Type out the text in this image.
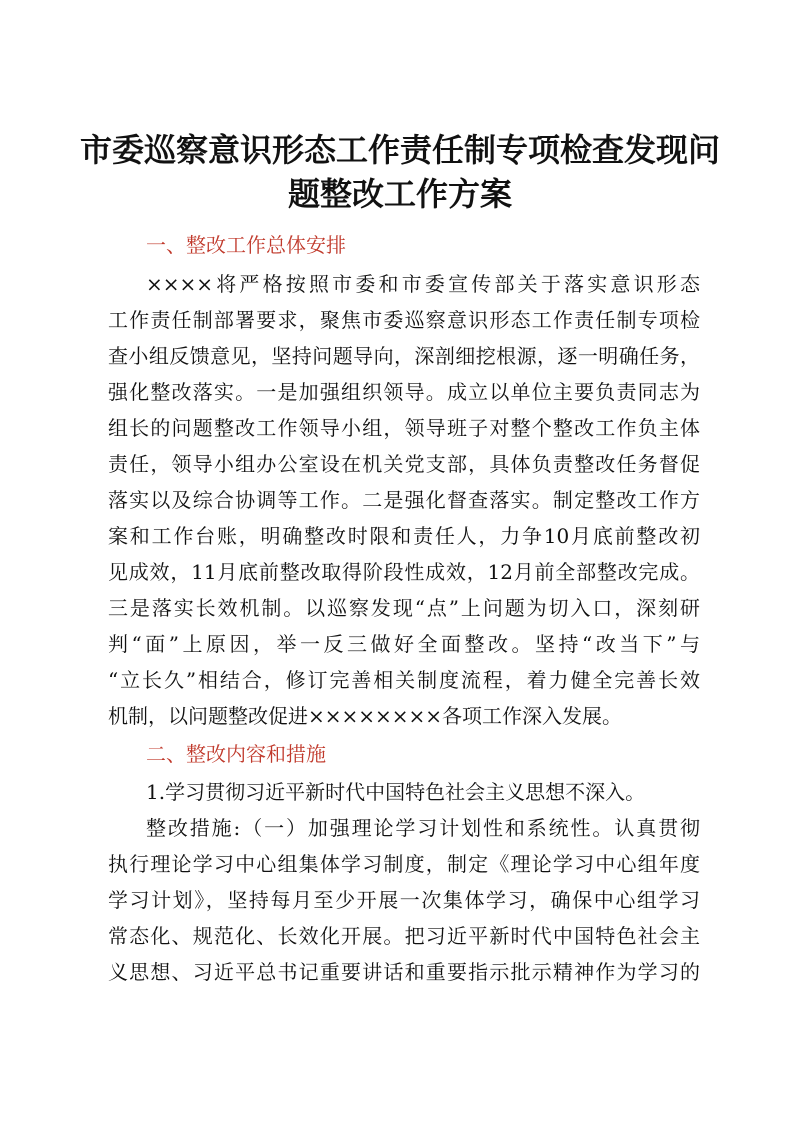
市委巡察意识形态工作责任制专项检查发现问
题整改工作方案
一、整改工作总体安排
××××将严格按照市委和市委宣传部关于落实意识形态
工作责任制部署要求，聚焦市委巡察意识形态工作责任制专项检
查小组反馈意见，坚持问题导向，深剖细挖根源，逐一明确任务，
强化整改落实。一是加强组织领导。成立以单位主要负责同志为
组长的问题整改工作领导小组，领导班子对整个整改工作负主体
责任，领导小组办公室设在机关党支部，具体负责整改任务督促
落实以及综合协调等工作。二是强化督查落实。制定整改工作方
案和工作台账，明确整改时限和责任人，力争10月底前整改初
见成效，11月底前整改取得阶段性成效，12月前全部整改完成。
三是落实长效机制。以巡察发现“点”上问题为切入口，深刻研
判“面”上原因，举一反三做好全面整改。坚持“改当下”与
“立长久”相结合，修订完善相关制度流程，着力健全完善长效
机制，以问题整改促进××××××××各项工作深入发展。
二、整改内容和措施
1.学习贯彻习近平新时代中国特色社会主义思想不深入。
整改措施:（一）加强理论学习计划性和系统性。认真贯彻
执行理论学习中心组集体学习制度，制定《理论学习中心组年度
学习计划》，坚持每月至少开展一次集体学习，确保中心组学习
常态化、规范化、长效化开展。把习近平新时代中国特色社会主
义思想、习近平总书记重要讲话和重要指示批示精神作为学习的
